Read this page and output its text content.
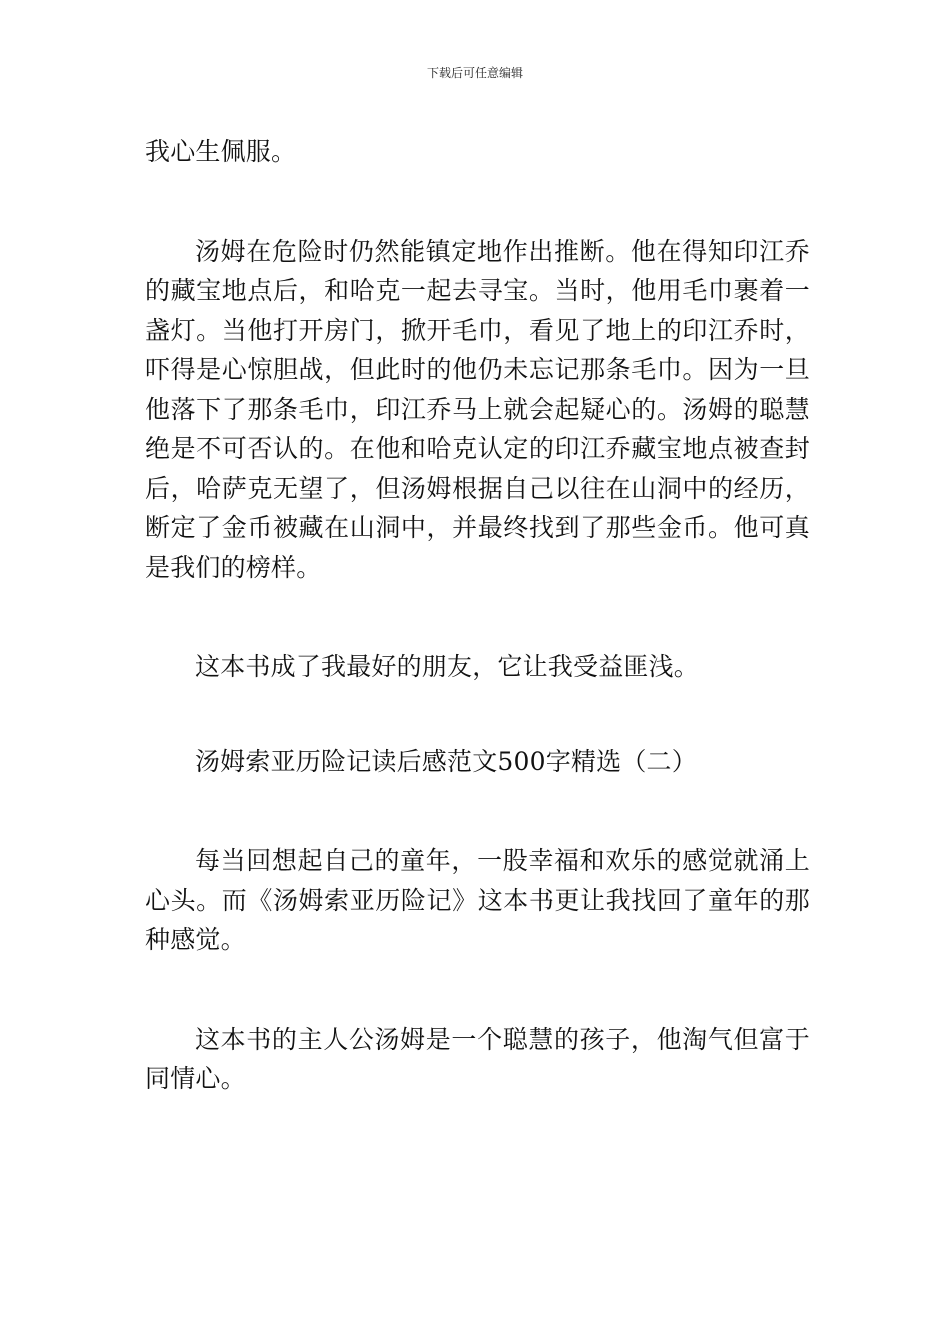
下载后可任意编辑

我心生佩服。

汤姆在危险时仍然能镇定地作出推断。他在得知印江乔的藏宝地点后，和哈克一起去寻宝。当时，他用毛巾裹着一盏灯。当他打开房门，掀开毛巾，看见了地上的印江乔时，吓得是心惊胆战，但此时的他仍未忘记那条毛巾。因为一旦他落下了那条毛巾，印江乔马上就会起疑心的。汤姆的聪慧绝是不可否认的。在他和哈克认定的印江乔藏宝地点被查封后，哈萨克无望了，但汤姆根据自己以往在山洞中的经历，断定了金币被藏在山洞中，并最终找到了那些金币。他可真是我们的榜样。

这本书成了我最好的朋友，它让我受益匪浅。

汤姆索亚历险记读后感范文500字精选（二）

每当回想起自己的童年，一股幸福和欢乐的感觉就涌上心头。而《汤姆索亚历险记》这本书更让我找回了童年的那种感觉。

这本书的主人公汤姆是一个聪慧的孩子，他淘气但富于同情心。
